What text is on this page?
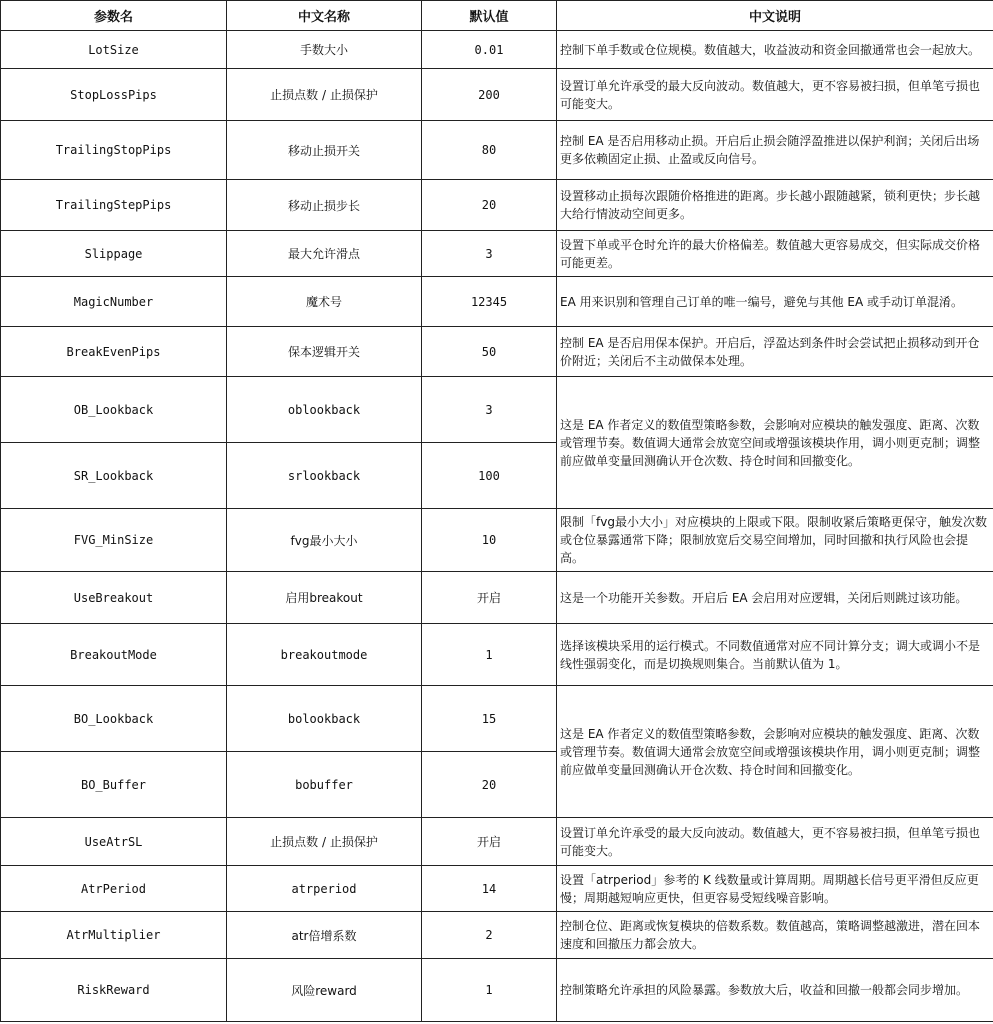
参数名	中文名称	默认值	中文说明
LotSize	手数大小	0.01	控制下单手数或仓位规模。数值越大，收益波动和资金回撤通常也会一起放大。
StopLossPips	止损点数 / 止损保护	200	设置订单允许承受的最大反向波动。数值越大，更不容易被扫损，但单笔亏损也可能变大。
TrailingStopPips	移动止损开关	80	控制 EA 是否启用移动止损。开启后止损会随浮盈推进以保护利润；关闭后出场更多依赖固定止损、止盈或反向信号。
TrailingStepPips	移动止损步长	20	设置移动止损每次跟随价格推进的距离。步长越小跟随越紧，锁利更快；步长越大给行情波动空间更多。
Slippage	最大允许滑点	3	设置下单或平仓时允许的最大价格偏差。数值越大更容易成交，但实际成交价格可能更差。
MagicNumber	魔术号	12345	EA 用来识别和管理自己订单的唯一编号，避免与其他 EA 或手动订单混淆。
BreakEvenPips	保本逻辑开关	50	控制 EA 是否启用保本保护。开启后，浮盈达到条件时会尝试把止损移动到开仓价附近；关闭后不主动做保本处理。
OB_Lookback	oblookback	3	这是 EA 作者定义的数值型策略参数，会影响对应模块的触发强度、距离、次数或管理节奏。数值调大通常会放宽空间或增强该模块作用，调小则更克制；调整前应做单变量回测确认开仓次数、持仓时间和回撤变化。
SR_Lookback	srlookback	100	
FVG_MinSize	fvg最小大小	10	限制「fvg最小大小」对应模块的上限或下限。限制收紧后策略更保守，触发次数或仓位暴露通常下降；限制放宽后交易空间增加，同时回撤和执行风险也会提高。
UseBreakout	启用breakout	开启	这是一个功能开关参数。开启后 EA 会启用对应逻辑，关闭后则跳过该功能。
BreakoutMode	breakoutmode	1	选择该模块采用的运行模式。不同数值通常对应不同计算分支；调大或调小不是线性强弱变化，而是切换规则集合。当前默认值为 1。
BO_Lookback	bolookback	15	这是 EA 作者定义的数值型策略参数，会影响对应模块的触发强度、距离、次数或管理节奏。数值调大通常会放宽空间或增强该模块作用，调小则更克制；调整前应做单变量回测确认开仓次数、持仓时间和回撤变化。
BO_Buffer	bobuffer	20	
UseAtrSL	止损点数 / 止损保护	开启	设置订单允许承受的最大反向波动。数值越大，更不容易被扫损，但单笔亏损也可能变大。
AtrPeriod	atrperiod	14	设置「atrperiod」参考的 K 线数量或计算周期。周期越长信号更平滑但反应更慢；周期越短响应更快，但更容易受短线噪音影响。
AtrMultiplier	atr倍增系数	2	控制仓位、距离或恢复模块的倍数系数。数值越高，策略调整越激进，潜在回本速度和回撤压力都会放大。
RiskReward	风险reward	1	控制策略允许承担的风险暴露。参数放大后，收益和回撤一般都会同步增加。
